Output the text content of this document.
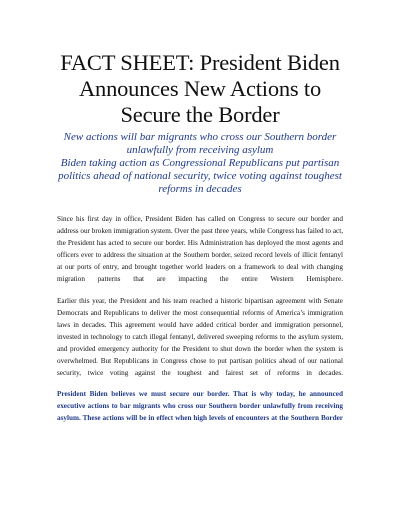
FACT SHEET: President Biden Announces New Actions to Secure the Border
New actions will bar migrants who cross our Southern border unlawfully from receiving asylum
Biden taking action as Congressional Republicans put partisan politics ahead of national security, twice voting against toughest reforms in decades

Since his first day in office, President Biden has called on Congress to secure our border and address our broken immigration system. Over the past three years, while Congress has failed to act, the President has acted to secure our border. His Administration has deployed the most agents and officers ever to address the situation at the Southern border, seized record levels of illicit fentanyl at our ports of entry, and brought together world leaders on a framework to deal with changing migration patterns that are impacting the entire Western Hemisphere.

Earlier this year, the President and his team reached a historic bipartisan agreement with Senate Democrats and Republicans to deliver the most consequential reforms of America’s immigration laws in decades. This agreement would have added critical border and immigration personnel, invested in technology to catch illegal fentanyl, delivered sweeping reforms to the asylum system, and provided emergency authority for the President to shut down the border when the system is overwhelmed. But Republicans in Congress chose to put partisan politics ahead of our national security, twice voting against the toughest and fairest set of reforms in decades.

President Biden believes we must secure our border. That is why today, he announced executive actions to bar migrants who cross our Southern border unlawfully from receiving asylum. These actions will be in effect when high levels of encounters at the Southern Border
